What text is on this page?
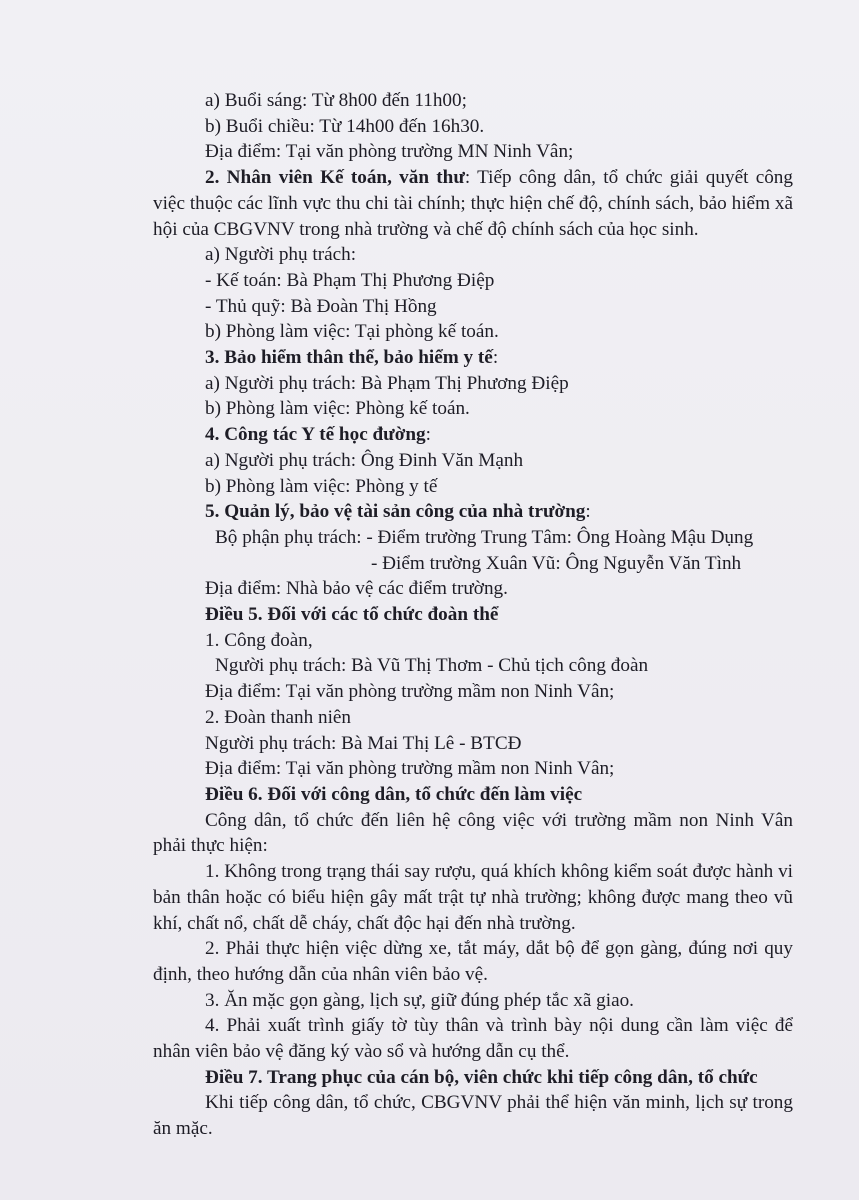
a) Buổi sáng: Từ 8h00 đến 11h00;
b) Buổi chiều: Từ 14h00 đến 16h30.
Địa điểm: Tại văn phòng trường MN Ninh Vân;
2. Nhân viên Kế toán, văn thư: Tiếp công dân, tổ chức giải quyết công việc thuộc các lĩnh vực thu chi tài chính; thực hiện chế độ, chính sách, bảo hiểm xã hội của CBGVNV trong nhà trường và chế độ chính sách của học sinh.
a) Người phụ trách:
- Kế toán: Bà Phạm Thị Phương Điệp
- Thủ quỹ: Bà Đoàn Thị Hồng
b) Phòng làm việc: Tại phòng kế toán.
3. Bảo hiểm thân thể, bảo hiểm y tế:
a) Người phụ trách: Bà Phạm Thị Phương Điệp
b) Phòng làm việc: Phòng kế toán.
4. Công tác Y tế học đường:
a) Người phụ trách: Ông Đinh Văn Mạnh
b) Phòng làm việc: Phòng y tế
5. Quản lý, bảo vệ tài sản công của nhà trường:
Bộ phận phụ trách: - Điểm trường Trung Tâm: Ông Hoàng Mậu Dụng
- Điểm trường Xuân Vũ: Ông Nguyễn Văn Tình
Địa điểm: Nhà bảo vệ các điểm trường.
Điều 5. Đối với các tổ chức đoàn thể
1. Công đoàn,
Người phụ trách: Bà Vũ Thị Thơm - Chủ tịch công đoàn
Địa điểm: Tại văn phòng trường mầm non Ninh Vân;
2. Đoàn thanh niên
Người phụ trách: Bà Mai Thị Lê - BTCĐ
Địa điểm: Tại văn phòng trường mầm non Ninh Vân;
Điều 6. Đối với công dân, tổ chức đến làm việc
Công dân, tổ chức đến liên hệ công việc với trường mầm non Ninh Vân phải thực hiện:
1. Không trong trạng thái say rượu, quá khích không kiểm soát được hành vi bản thân hoặc có biểu hiện gây mất trật tự nhà trường; không được mang theo vũ khí, chất nổ, chất dễ cháy, chất độc hại đến nhà trường.
2. Phải thực hiện việc dừng xe, tắt máy, dắt bộ để gọn gàng, đúng nơi quy định, theo hướng dẫn của nhân viên bảo vệ.
3. Ăn mặc gọn gàng, lịch sự, giữ đúng phép tắc xã giao.
4. Phải xuất trình giấy tờ tùy thân và trình bày nội dung cần làm việc để nhân viên bảo vệ đăng ký vào sổ và hướng dẫn cụ thể.
Điều 7. Trang phục của cán bộ, viên chức khi tiếp công dân, tổ chức
Khi tiếp công dân, tổ chức, CBGVNV phải thể hiện văn minh, lịch sự trong ăn mặc.
